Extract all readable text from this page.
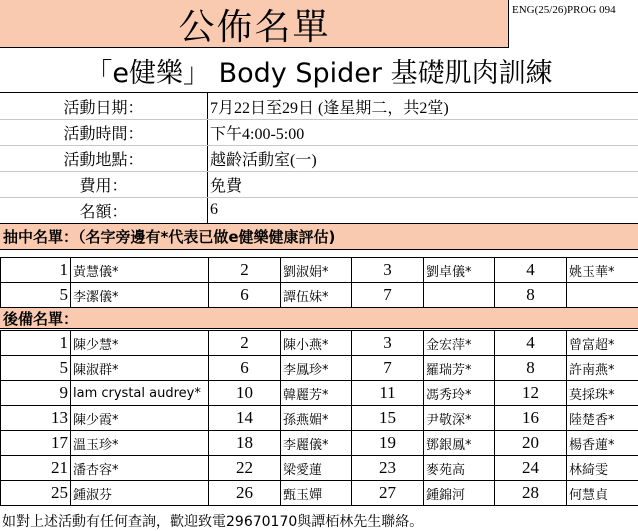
公佈名單	ENG(25/26)PROG 094
「e健樂」 Body Spider 基礎肌肉訓練
活動日期：	7月22日至29日 (逢星期二，共2堂)
活動時間：	下午4:00-5:00
活動地點：	越齡活動室(一)
費用：	免費
名額：	6
抽中名單：（名字旁邊有*代表已做e健樂健康評估)
1	黃慧儀*	2	劉淑娟*	3	劉卓儀*	4	姚玉華*
5	李潔儀*	6	譚伍妹*	7		8	
後備名單：
1	陳少慧*	2	陳小燕*	3	金宏萍*	4	曾富超*
5	陳淑群*	6	李鳳珍*	7	羅瑞芳*	8	許南燕*
9	lam crystal audrey*	10	韓麗芳*	11	馮秀玲*	12	莫採珠*
13	陳少霞*	14	孫燕媚*	15	尹敬深*	16	陸楚香*
17	溫玉珍*	18	李麗儀*	19	鄧銀鳳*	20	楊香蓮*
21	潘杏容*	22	梁愛蓮	23	麥苑高	24	林綺雯
25	鍾淑芬	26	甄玉嬋	27	鍾錦河	28	何慧貞
如對上述活動有任何查詢，歡迎致電29670170與譚栢林先生聯絡。
